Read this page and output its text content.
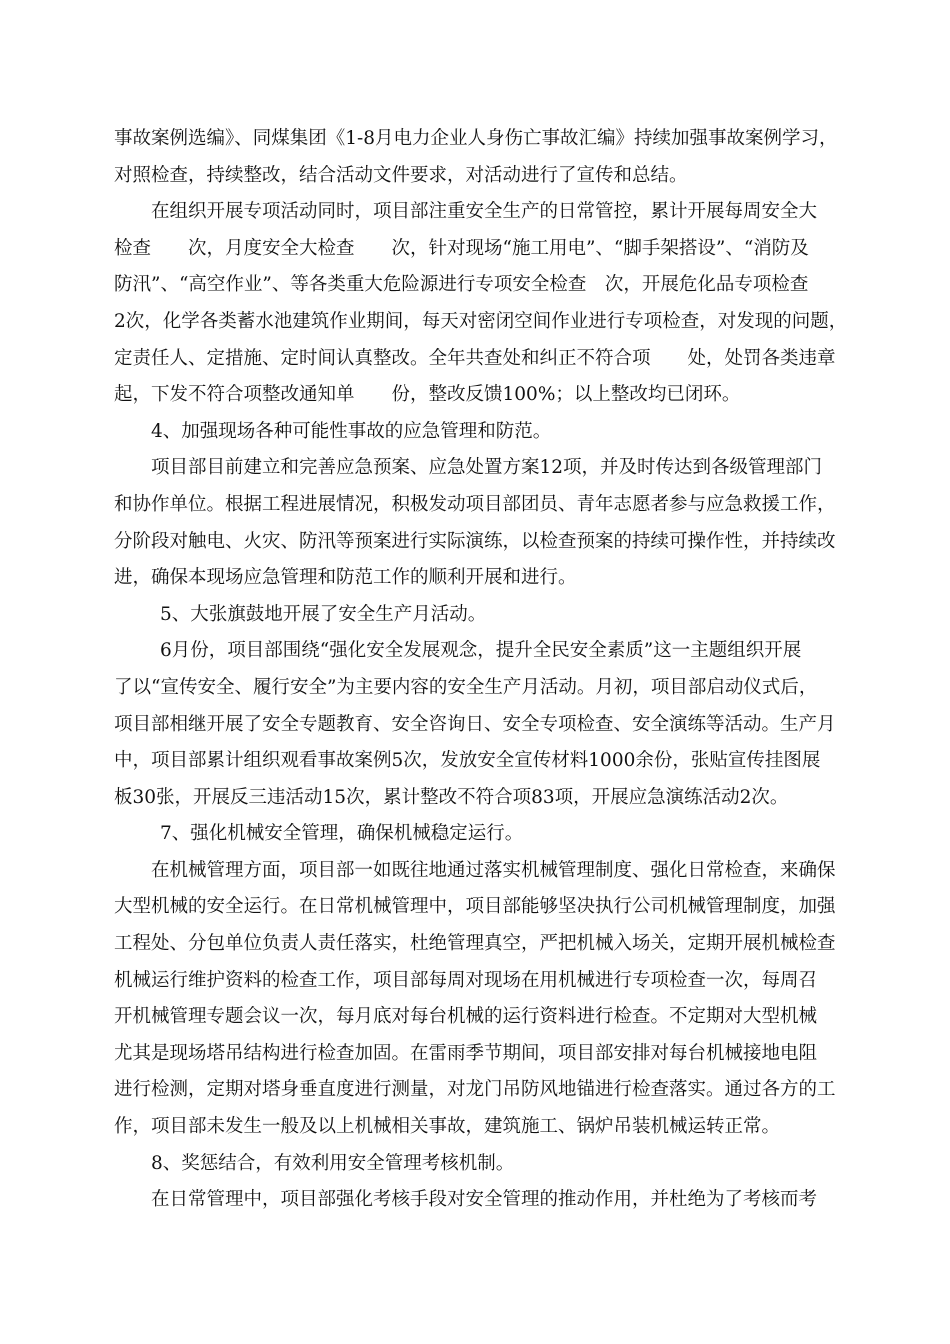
事故案例选编》、同煤集团《1-8月电力企业人身伤亡事故汇编》持续加强事故案例学习，
对照检查，持续整改，结合活动文件要求，对活动进行了宣传和总结。
在组织开展专项活动同时，项目部注重安全生产的日常管控，累计开展每周安全大
检查　　次，月度安全大检查　　次，针对现场“施工用电”、“脚手架搭设”、“消防及
防汛”、“高空作业”、等各类重大危险源进行专项安全检查　次，开展危化品专项检查
2次，化学各类蓄水池建筑作业期间，每天对密闭空间作业进行专项检查，对发现的问题，
定责任人、定措施、定时间认真整改。全年共查处和纠正不符合项　　处，处罚各类违章
起，下发不符合项整改通知单　　份，整改反馈100%；以上整改均已闭环。
4、加强现场各种可能性事故的应急管理和防范。
项目部目前建立和完善应急预案、应急处置方案12项，并及时传达到各级管理部门
和协作单位。根据工程进展情况，积极发动项目部团员、青年志愿者参与应急救援工作，
分阶段对触电、火灾、防汛等预案进行实际演练，以检查预案的持续可操作性，并持续改
进，确保本现场应急管理和防范工作的顺利开展和进行。
5、大张旗鼓地开展了安全生产月活动。
6月份，项目部围绕“强化安全发展观念，提升全民安全素质”这一主题组织开展
了以“宣传安全、履行安全”为主要内容的安全生产月活动。月初，项目部启动仪式后，
项目部相继开展了安全专题教育、安全咨询日、安全专项检查、安全演练等活动。生产月
中，项目部累计组织观看事故案例5次，发放安全宣传材料1000余份，张贴宣传挂图展
板30张，开展反三违活动15次，累计整改不符合项83项，开展应急演练活动2次。
7、强化机械安全管理，确保机械稳定运行。
在机械管理方面，项目部一如既往地通过落实机械管理制度、强化日常检查，来确保
大型机械的安全运行。在日常机械管理中，项目部能够坚决执行公司机械管理制度，加强
工程处、分包单位负责人责任落实，杜绝管理真空，严把机械入场关，定期开展机械检查
机械运行维护资料的检查工作，项目部每周对现场在用机械进行专项检查一次，每周召
开机械管理专题会议一次，每月底对每台机械的运行资料进行检查。不定期对大型机械
尤其是现场塔吊结构进行检查加固。在雷雨季节期间，项目部安排对每台机械接地电阻
进行检测，定期对塔身垂直度进行测量，对龙门吊防风地锚进行检查落实。通过各方的工
作，项目部未发生一般及以上机械相关事故，建筑施工、锅炉吊装机械运转正常。
8、奖惩结合，有效利用安全管理考核机制。
在日常管理中，项目部强化考核手段对安全管理的推动作用，并杜绝为了考核而考
